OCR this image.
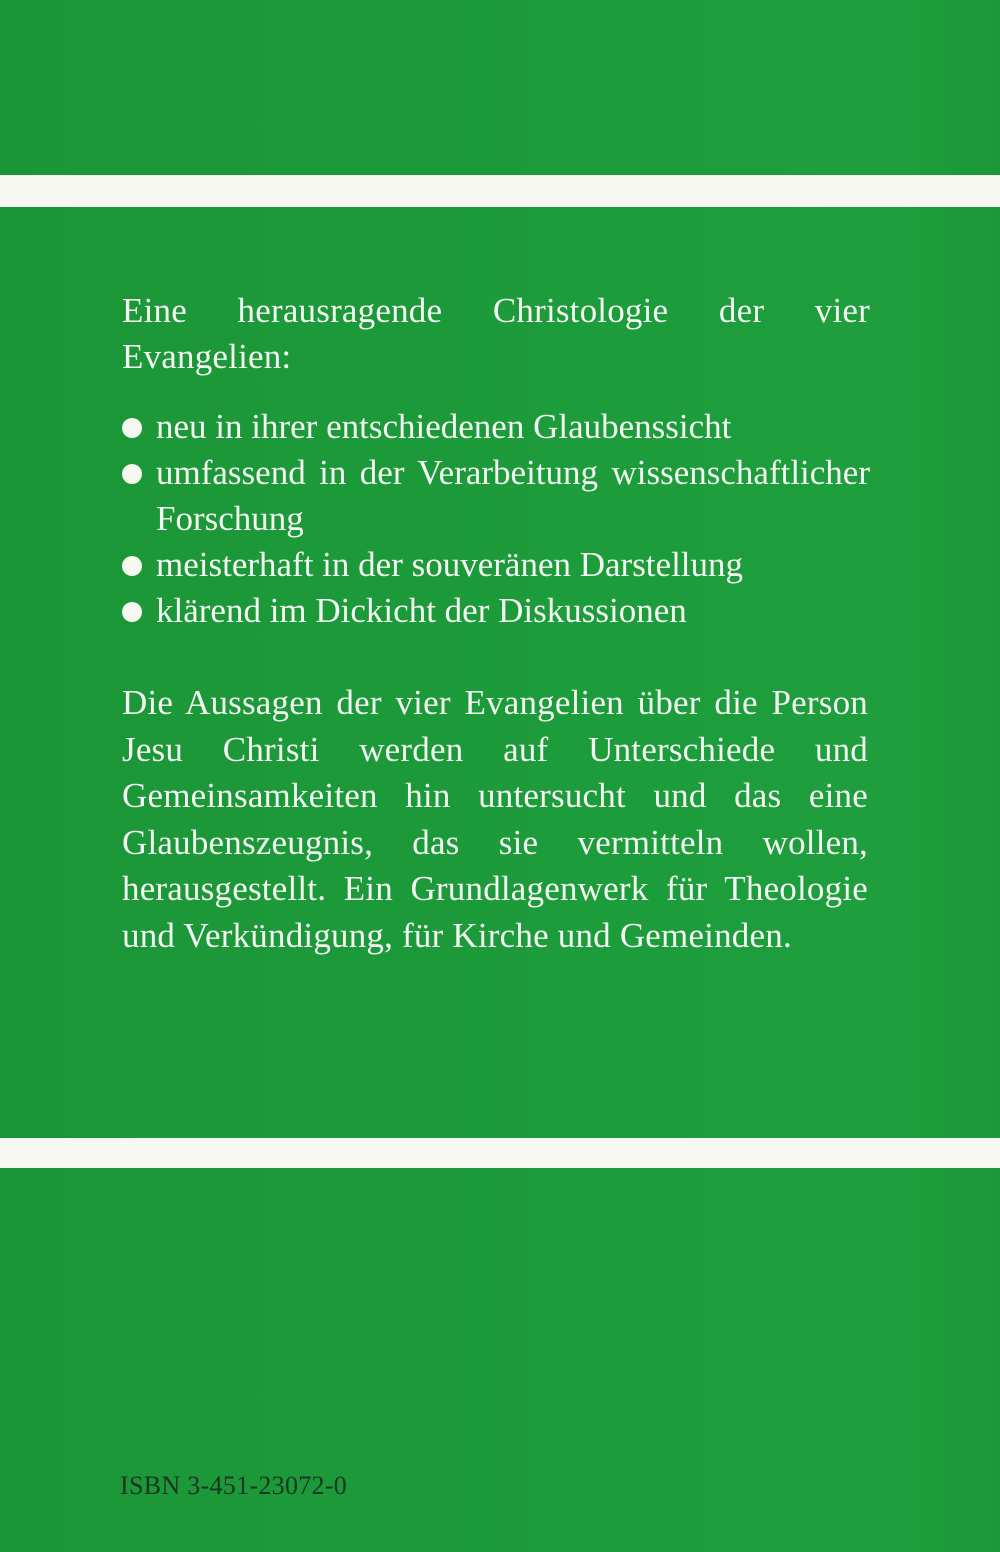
Eine herausragende Christologie der vier Evangelien:
neu in ihrer entschiedenen Glaubenssicht
umfassend in der Verarbeitung wissenschaftlicher Forschung
meisterhaft in der souveränen Darstellung
klärend im Dickicht der Diskussionen
Die Aussagen der vier Evangelien über die Person Jesu Christi werden auf Unterschiede und Gemeinsamkeiten hin untersucht und das eine Glaubenszeugnis, das sie vermitteln wollen, herausgestellt. Ein Grundlagenwerk für Theologie und Verkündigung, für Kirche und Gemeinden.
ISBN 3-451-23072-0
